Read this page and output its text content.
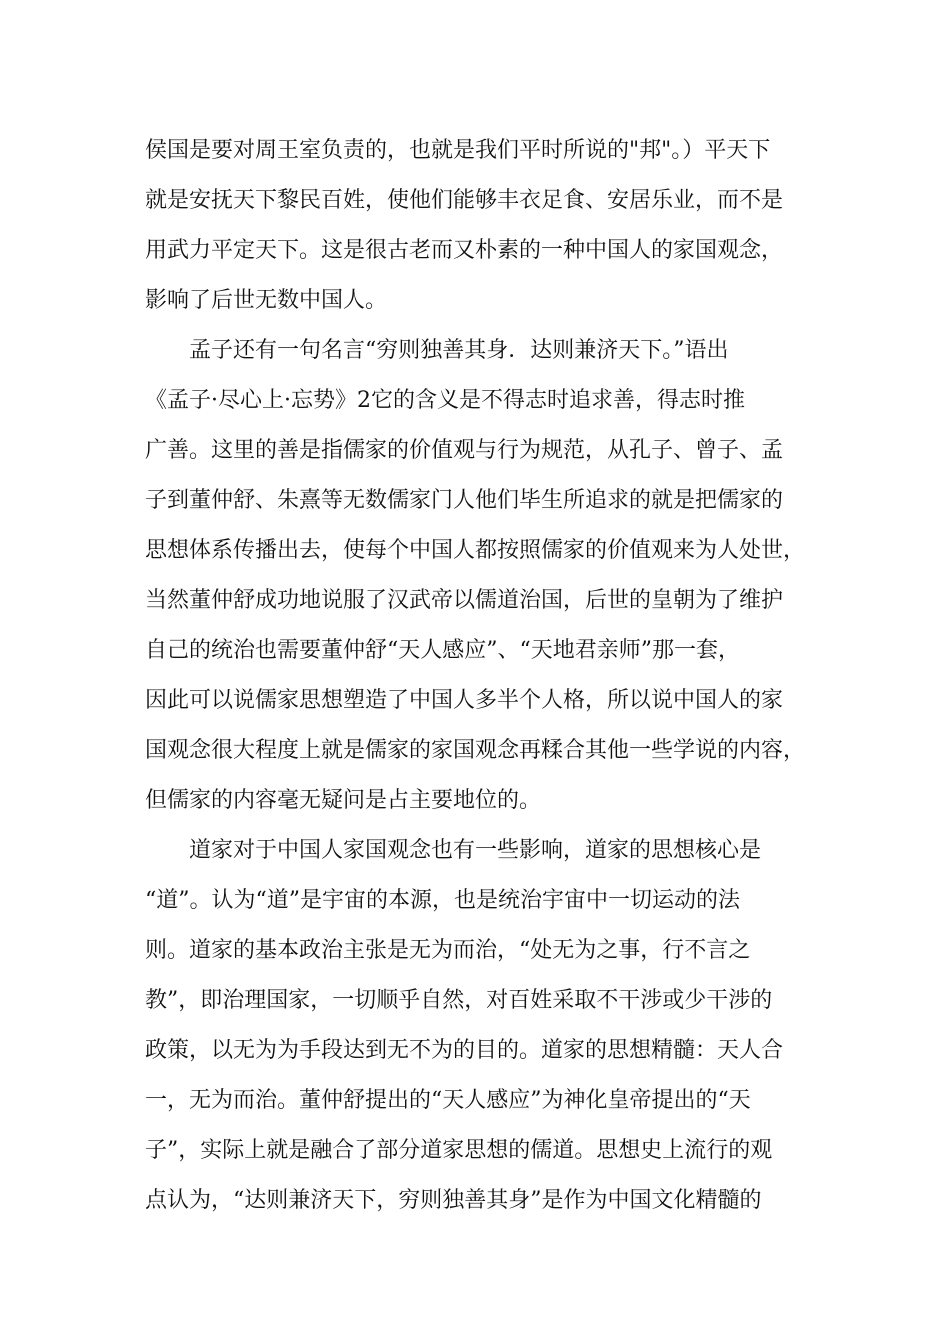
侯国是要对周王室负责的，也就是我们平时所说的"邦"。）平天下
就是安抚天下黎民百姓，使他们能够丰衣足食、安居乐业，而不是
用武力平定天下。这是很古老而又朴素的一种中国人的家国观念，
影响了后世无数中国人。
孟子还有一句名言“穷则独善其身．达则兼济天下。”语出
《孟子·尽心上·忘势》2它的含义是不得志时追求善，得志时推
广善。这里的善是指儒家的价值观与行为规范，从孔子、曾子、孟
子到董仲舒、朱熹等无数儒家门人他们毕生所追求的就是把儒家的
思想体系传播出去，使每个中国人都按照儒家的价值观来为人处世，
当然董仲舒成功地说服了汉武帝以儒道治国，后世的皇朝为了维护
自己的统治也需要董仲舒“天人感应”、“天地君亲师”那一套，
因此可以说儒家思想塑造了中国人多半个人格，所以说中国人的家
国观念很大程度上就是儒家的家国观念再糅合其他一些学说的内容，
但儒家的内容毫无疑问是占主要地位的。
道家对于中国人家国观念也有一些影响，道家的思想核心是
“道”。认为“道”是宇宙的本源，也是统治宇宙中一切运动的法
则。道家的基本政治主张是无为而治，“处无为之事，行不言之
教”，即治理国家，一切顺乎自然，对百姓采取不干涉或少干涉的
政策，以无为为手段达到无不为的目的。道家的思想精髓：天人合
一，无为而治。董仲舒提出的“天人感应”为神化皇帝提出的“天
子”，实际上就是融合了部分道家思想的儒道。思想史上流行的观
点认为，“达则兼济天下，穷则独善其身”是作为中国文化精髓的
